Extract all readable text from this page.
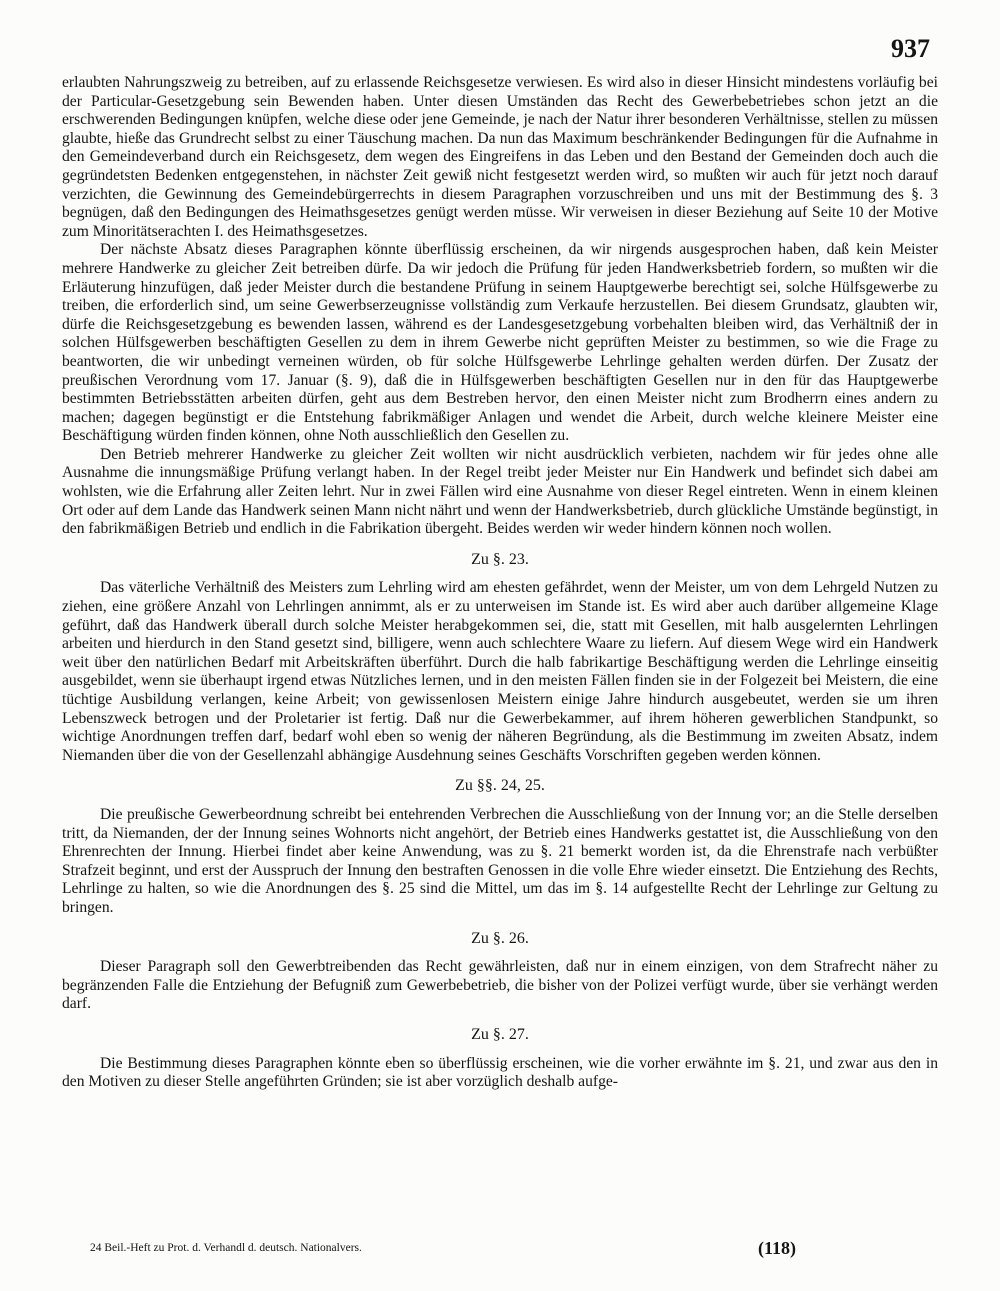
937

erlaubten Nahrungszweig zu betreiben, auf zu erlassende Reichsgesetze verwiesen. Es wird also in dieser Hinsicht mindestens vorläufig bei der Particular-Gesetzgebung sein Bewenden haben. Unter diesen Umständen das Recht des Gewerbebetriebes schon jetzt an die erschwerenden Bedingungen knüpfen, welche diese oder jene Gemeinde, je nach der Natur ihrer besonderen Verhältnisse, stellen zu müssen glaubte, hieße das Grundrecht selbst zu einer Täuschung machen. Da nun das Maximum beschränkender Bedingungen für die Aufnahme in den Gemeindeverband durch ein Reichsgesetz, dem wegen des Eingreifens in das Leben und den Bestand der Gemeinden doch auch die gegründetsten Bedenken entgegenstehen, in nächster Zeit gewiß nicht festgesetzt werden wird, so mußten wir auch für jetzt noch darauf verzichten, die Gewinnung des Gemeindebürgerrechts in diesem Paragraphen vorzuschreiben und uns mit der Bestimmung des §. 3 begnügen, daß den Bedingungen des Heimathsgesetzes genügt werden müsse. Wir verweisen in dieser Beziehung auf Seite 10 der Motive zum Minoritätserachten I. des Heimathsgesetzes.

Der nächste Absatz dieses Paragraphen könnte überflüssig erscheinen, da wir nirgends ausgesprochen haben, daß kein Meister mehrere Handwerke zu gleicher Zeit betreiben dürfe. Da wir jedoch die Prüfung für jeden Handwerksbetrieb fordern, so mußten wir die Erläuterung hinzufügen, daß jeder Meister durch die bestandene Prüfung in seinem Hauptgewerbe berechtigt sei, solche Hülfsgewerbe zu treiben, die erforderlich sind, um seine Gewerbserzeugnisse vollständig zum Verkaufe herzustellen. Bei diesem Grundsatz, glaubten wir, dürfe die Reichsgesetzgebung es bewenden lassen, während es der Landesgesetzgebung vorbehalten bleiben wird, das Verhältniß der in solchen Hülfsgewerben beschäftigten Gesellen zu dem in ihrem Gewerbe nicht geprüften Meister zu bestimmen, so wie die Frage zu beantworten, die wir unbedingt verneinen würden, ob für solche Hülfsgewerbe Lehrlinge gehalten werden dürfen. Der Zusatz der preußischen Verordnung vom 17. Januar (§. 9), daß die in Hülfsgewerben beschäftigten Gesellen nur in den für das Hauptgewerbe bestimmten Betriebsstätten arbeiten dürfen, geht aus dem Bestreben hervor, den einen Meister nicht zum Brodherrn eines andern zu machen; dagegen begünstigt er die Entstehung fabrikmäßiger Anlagen und wendet die Arbeit, durch welche kleinere Meister eine Beschäftigung würden finden können, ohne Noth ausschließlich den Gesellen zu.

Den Betrieb mehrerer Handwerke zu gleicher Zeit wollten wir nicht ausdrücklich verbieten, nachdem wir für jedes ohne alle Ausnahme die innungsmäßige Prüfung verlangt haben. In der Regel treibt jeder Meister nur Ein Handwerk und befindet sich dabei am wohlsten, wie die Erfahrung aller Zeiten lehrt. Nur in zwei Fällen wird eine Ausnahme von dieser Regel eintreten. Wenn in einem kleinen Ort oder auf dem Lande das Handwerk seinen Mann nicht nährt und wenn der Handwerksbetrieb, durch glückliche Umstände begünstigt, in den fabrikmäßigen Betrieb und endlich in die Fabrikation übergeht. Beides werden wir weder hindern können noch wollen.

Zu §. 23.

Das väterliche Verhältniß des Meisters zum Lehrling wird am ehesten gefährdet, wenn der Meister, um von dem Lehrgeld Nutzen zu ziehen, eine größere Anzahl von Lehrlingen annimmt, als er zu unterweisen im Stande ist. Es wird aber auch darüber allgemeine Klage geführt, daß das Handwerk überall durch solche Meister herabgekommen sei, die, statt mit Gesellen, mit halb ausgelernten Lehrlingen arbeiten und hierdurch in den Stand gesetzt sind, billigere, wenn auch schlechtere Waare zu liefern. Auf diesem Wege wird ein Handwerk weit über den natürlichen Bedarf mit Arbeitskräften überführt. Durch die halb fabrikartige Beschäftigung werden die Lehrlinge einseitig ausgebildet, wenn sie überhaupt irgend etwas Nützliches lernen, und in den meisten Fällen finden sie in der Folgezeit bei Meistern, die eine tüchtige Ausbildung verlangen, keine Arbeit; von gewissenlosen Meistern einige Jahre hindurch ausgebeutet, werden sie um ihren Lebenszweck betrogen und der Proletarier ist fertig. Daß nur die Gewerbekammer, auf ihrem höheren gewerblichen Standpunkt, so wichtige Anordnungen treffen darf, bedarf wohl eben so wenig der näheren Begründung, als die Bestimmung im zweiten Absatz, indem Niemanden über die von der Gesellenzahl abhängige Ausdehnung seines Geschäfts Vorschriften gegeben werden können.

Zu §§. 24, 25.

Die preußische Gewerbeordnung schreibt bei entehrenden Verbrechen die Ausschließung von der Innung vor; an die Stelle derselben tritt, da Niemanden, der der Innung seines Wohnorts nicht angehört, der Betrieb eines Handwerks gestattet ist, die Ausschließung von den Ehrenrechten der Innung. Hierbei findet aber keine Anwendung, was zu §. 21 bemerkt worden ist, da die Ehrenstrafe nach verbüßter Strafzeit beginnt, und erst der Ausspruch der Innung den bestraften Genossen in die volle Ehre wieder einsetzt. Die Entziehung des Rechts, Lehrlinge zu halten, so wie die Anordnungen des §. 25 sind die Mittel, um das im §. 14 aufgestellte Recht der Lehrlinge zur Geltung zu bringen.

Zu §. 26.

Dieser Paragraph soll den Gewerbtreibenden das Recht gewährleisten, daß nur in einem einzigen, von dem Strafrecht näher zu begränzenden Falle die Entziehung der Befugniß zum Gewerbebetrieb, die bisher von der Polizei verfügt wurde, über sie verhängt werden darf.

Zu §. 27.

Die Bestimmung dieses Paragraphen könnte eben so überflüssig erscheinen, wie die vorher erwähnte im §. 21, und zwar aus den in den Motiven zu dieser Stelle angeführten Gründen; sie ist aber vorzüglich deshalb aufge-

24 Beil.-Heft zu Prot. d. Verhandl d. deutsch. Nationalvers.	(118)
